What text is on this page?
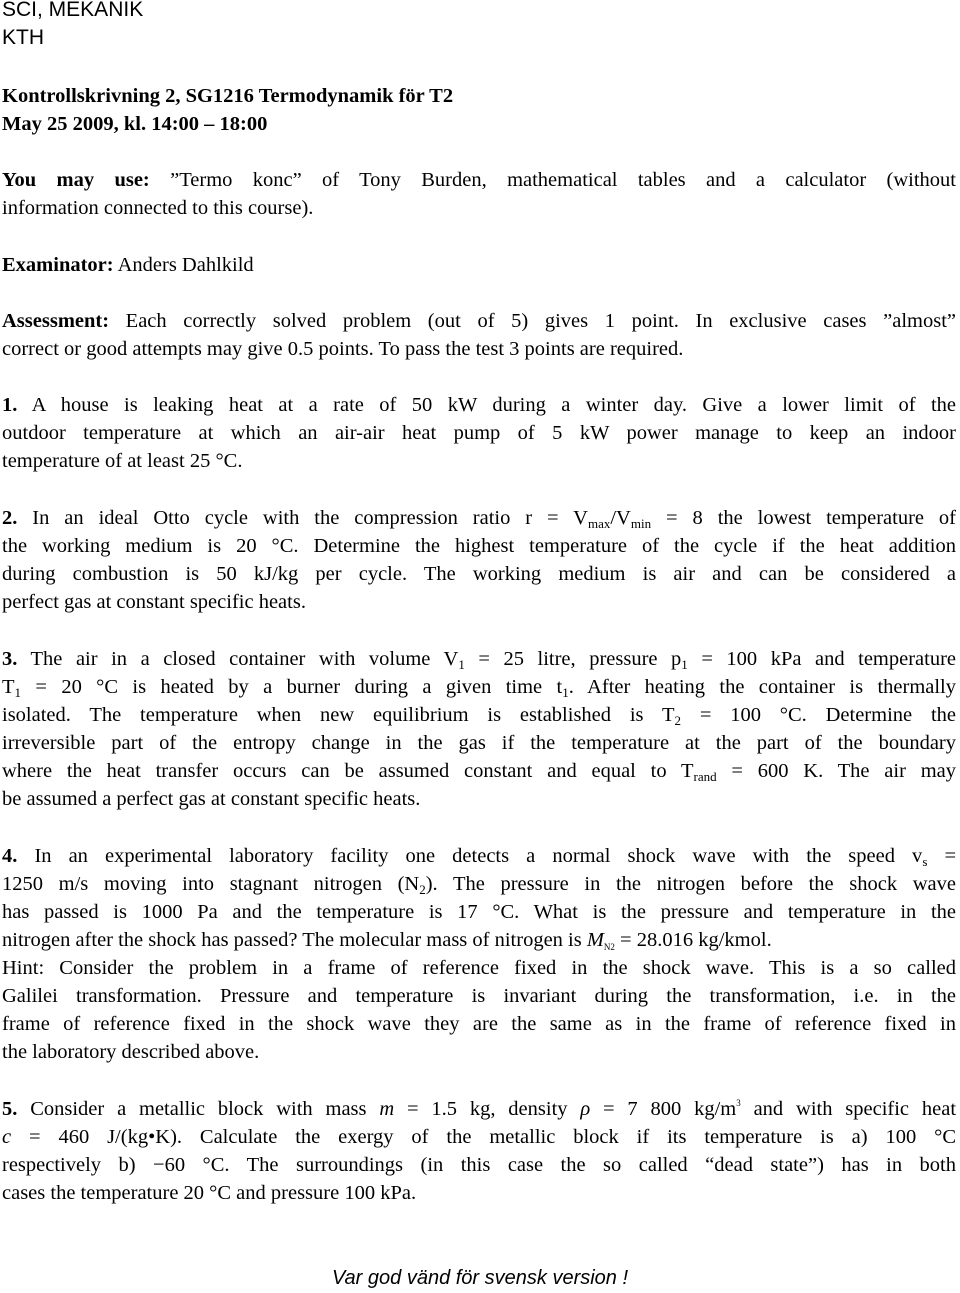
SCI, MEKANIK
KTH
Kontrollskrivning 2, SG1216 Termodynamik för T2
May 25 2009, kl. 14:00 – 18:00
You may use: ”Termo konc” of Tony Burden, mathematical tables and a calculator (without
information connected to this course).
Examinator: Anders Dahlkild
Assessment: Each correctly solved problem (out of 5) gives 1 point. In exclusive cases ”almost”
correct or good attempts may give 0.5 points. To pass the test 3 points are required.
1. A house is leaking heat at a rate of 50 kW during a winter day. Give a lower limit of the
outdoor temperature at which an air-air heat pump of 5 kW power manage to keep an indoor
temperature of at least 25 °C.
2. In an ideal Otto cycle with the compression ratio $r = V_{max}/V_{min} = 8$ the lowest temperature of
the working medium is 20 °C. Determine the highest temperature of the cycle if the heat addition
during combustion is 50 kJ/kg per cycle. The working medium is air and can be considered a
perfect gas at constant specific heats.
3. The air in a closed container with volume $V_1 = 25$ litre, pressure $p_1 = 100$ kPa and temperature
$T_1 = 20$ °C is heated by a burner during a given time $t_1$. After heating the container is thermally
isolated. The temperature when new equilibrium is established is $T_2 = 100$ °C. Determine the
irreversible part of the entropy change in the gas if the temperature at the part of the boundary
where the heat transfer occurs can be assumed constant and equal to $T_{rand} = 600$ K. The air may
be assumed a perfect gas at constant specific heats.
4. In an experimental laboratory facility one detects a normal shock wave with the speed $v_s$ =
1250 m/s moving into stagnant nitrogen $(N_2)$. The pressure in the nitrogen before the shock wave
has passed is 1000 Pa and the temperature is 17 °C. What is the pressure and temperature in the
nitrogen after the shock has passed? The molecular mass of nitrogen is $M_{N2} = 28.016$ kg/kmol.
Hint: Consider the problem in a frame of reference fixed in the shock wave. This is a so called
Galilei transformation. Pressure and temperature is invariant during the transformation, i.e. in the
frame of reference fixed in the shock wave they are the same as in the frame of reference fixed in
the laboratory described above.
5. Consider a metallic block with mass m = 1.5 kg, density ρ = 7 800 $kg/m^3$ and with specific heat
c = 460 J/(kg•K). Calculate the exergy of the metallic block if its temperature is a) 100 °C
respectively b) −60 °C. The surroundings (in this case the so called “dead state”) has in both
cases the temperature 20 °C and pressure 100 kPa.
Var god vänd för svensk version !
